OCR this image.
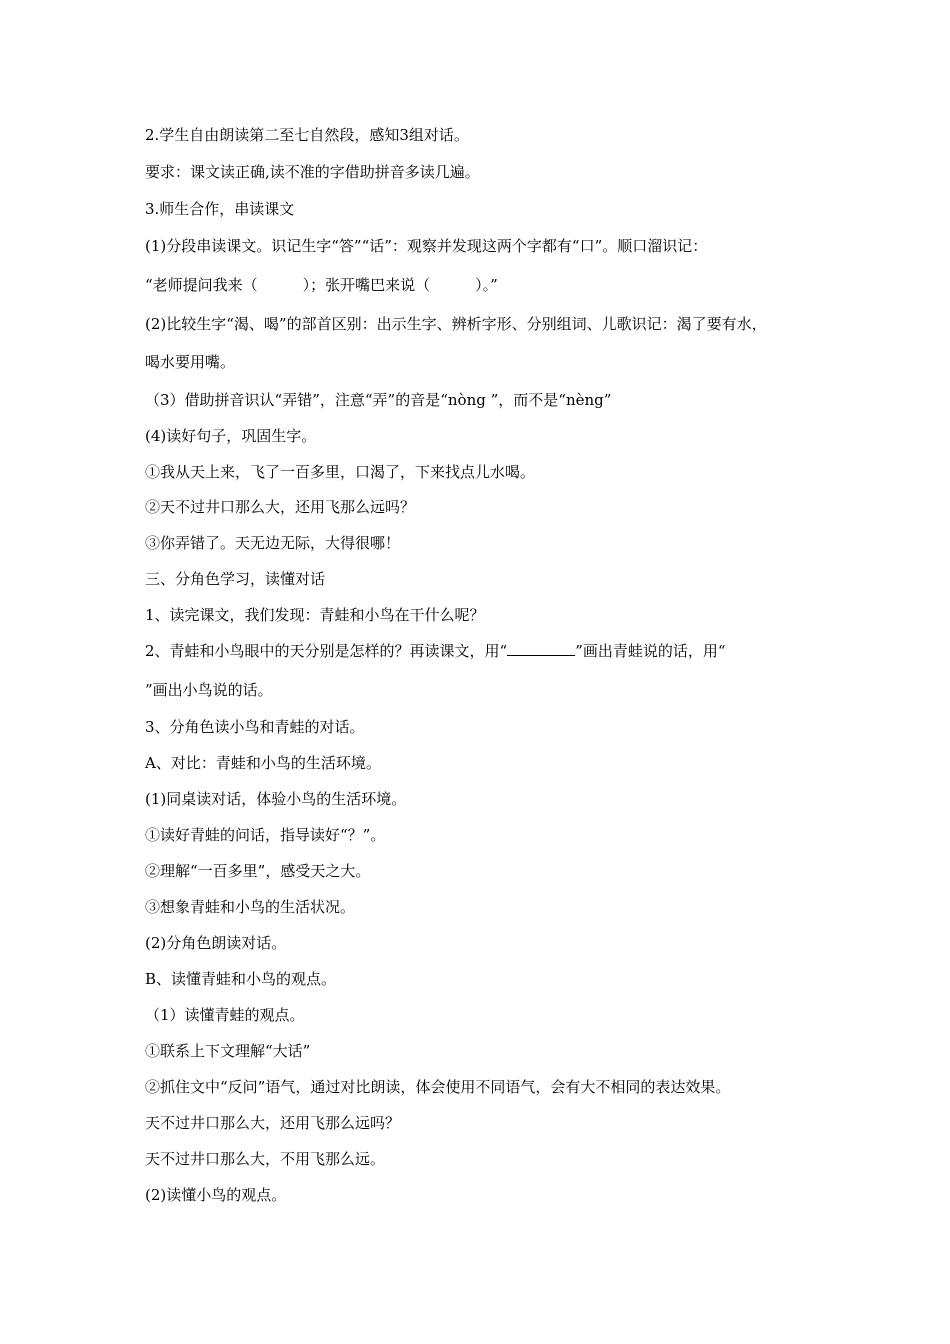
2.学生自由朗读第二至七自然段，感知3组对话。
要求：课文读正确,读不准的字借助拼音多读几遍。
3.师生合作，串读课文
(1)分段串读课文。识记生字“答”“话”：观察并发现这两个字都有“口”。顺口溜识记：
“老师提问我来（　　　）；张开嘴巴来说（　　　）。”
(2)比较生字“渴、喝”的部首区别：出示生字、辨析字形、分别组词、儿歌识记：渴了要有水，
喝水要用嘴。
（3）借助拼音识认“弄错”，注意“弄”的音是“nòng ”，而不是“nèng”
(4)读好句子，巩固生字。
①我从天上来，飞了一百多里，口渴了，下来找点儿水喝。
②天不过井口那么大，还用飞那么远吗？
③你弄错了。天无边无际，大得很哪！
三、分角色学习，读懂对话
1、读完课文，我们发现：青蛙和小鸟在干什么呢？
2、青蛙和小鸟眼中的天分别是怎样的？再读课文，用“	”画出青蛙说的话，用“
”画出小鸟说的话。
3、分角色读小鸟和青蛙的对话。
A、对比：青蛙和小鸟的生活环境。
(1)同桌读对话，体验小鸟的生活环境。
①读好青蛙的问话，指导读好“？”。
②理解“一百多里”，感受天之大。
③想象青蛙和小鸟的生活状况。
(2)分角色朗读对话。
B、读懂青蛙和小鸟的观点。
（1）读懂青蛙的观点。
①联系上下文理解“大话”
②抓住文中“反问”语气，通过对比朗读，体会使用不同语气，会有大不相同的表达效果。
天不过井口那么大，还用飞那么远吗？
天不过井口那么大，不用飞那么远。
(2)读懂小鸟的观点。
